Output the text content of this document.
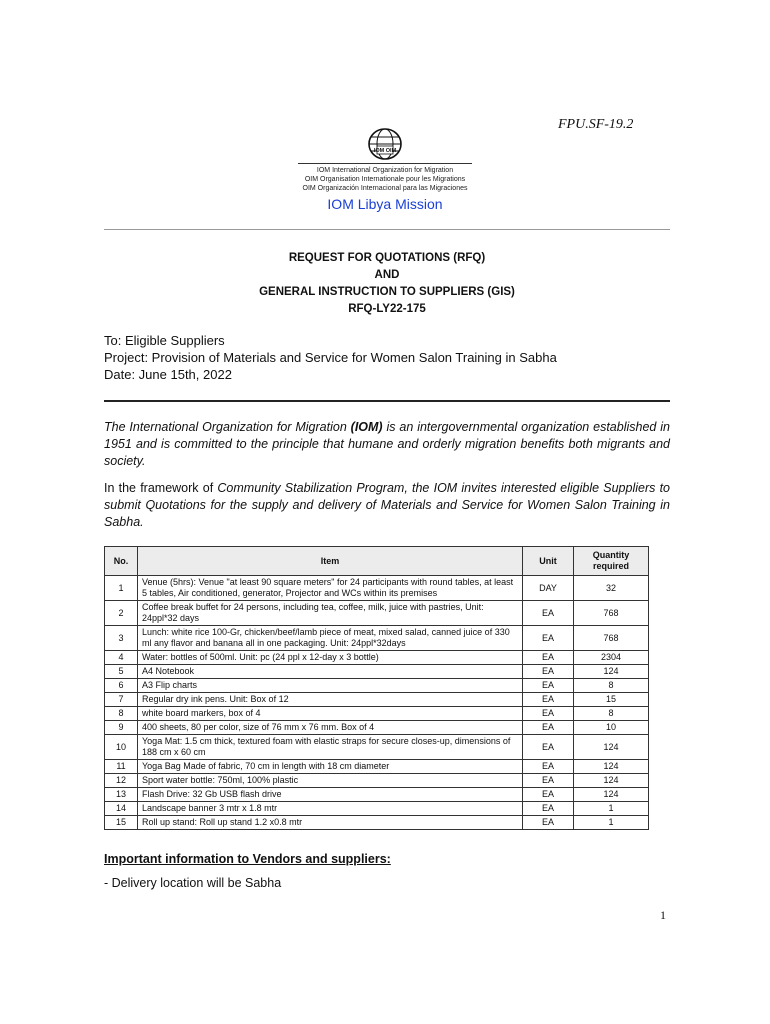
FPU.SF-19.2
IOM OIM
IOM International Organization for Migration
OIM Organisation Internationale pour les Migrations
OIM Organización Internacional para las Migraciones
IOM Libya Mission
REQUEST FOR QUOTATIONS (RFQ)
AND
GENERAL INSTRUCTION TO SUPPLIERS (GIS)
RFQ-LY22-175
To: Eligible Suppliers
Project: Provision of Materials and Service for Women Salon Training in Sabha
Date: June 15th, 2022
The International Organization for Migration (IOM) is an intergovernmental organization established in 1951 and is committed to the principle that humane and orderly migration benefits both migrants and society.
In the framework of Community Stabilization Program, the IOM invites interested eligible Suppliers to submit Quotations for the supply and delivery of Materials and Service for Women Salon Training in Sabha.
No.	Item	Unit	Quantity required
1	Venue (5hrs): Venue "at least 90 square meters" for 24 participants with round tables, at least 5 tables, Air conditioned, generator, Projector and WCs within its premises	DAY	32
2	Coffee break buffet for 24 persons, including tea, coffee, milk, juice with pastries, Unit: 24ppl*32 days	EA	768
3	Lunch: white rice 100-Gr, chicken/beef/lamb piece of meat, mixed salad, canned juice of 330 ml any flavor and banana all in one packaging. Unit: 24ppl*32days	EA	768
4	Water: bottles of 500ml. Unit: pc (24 ppl x 12-day x 3 bottle)	EA	2304
5	A4 Notebook	EA	124
6	A3 Flip charts	EA	8
7	Regular dry ink pens. Unit: Box of 12	EA	15
8	white board markers, box of 4	EA	8
9	400 sheets, 80 per color, size of 76 mm x 76 mm. Box of 4	EA	10
10	Yoga Mat: 1.5 cm thick, textured foam with elastic straps for secure closes-up, dimensions of 188 cm x 60 cm	EA	124
11	Yoga Bag Made of fabric, 70 cm in length with 18 cm diameter	EA	124
12	Sport water bottle: 750ml, 100% plastic	EA	124
13	Flash Drive: 32 Gb USB flash drive	EA	124
14	Landscape banner 3 mtr x 1.8 mtr	EA	1
15	Roll up stand: Roll up stand 1.2 x0.8 mtr	EA	1
Important information to Vendors and suppliers:
- Delivery location will be Sabha
1
